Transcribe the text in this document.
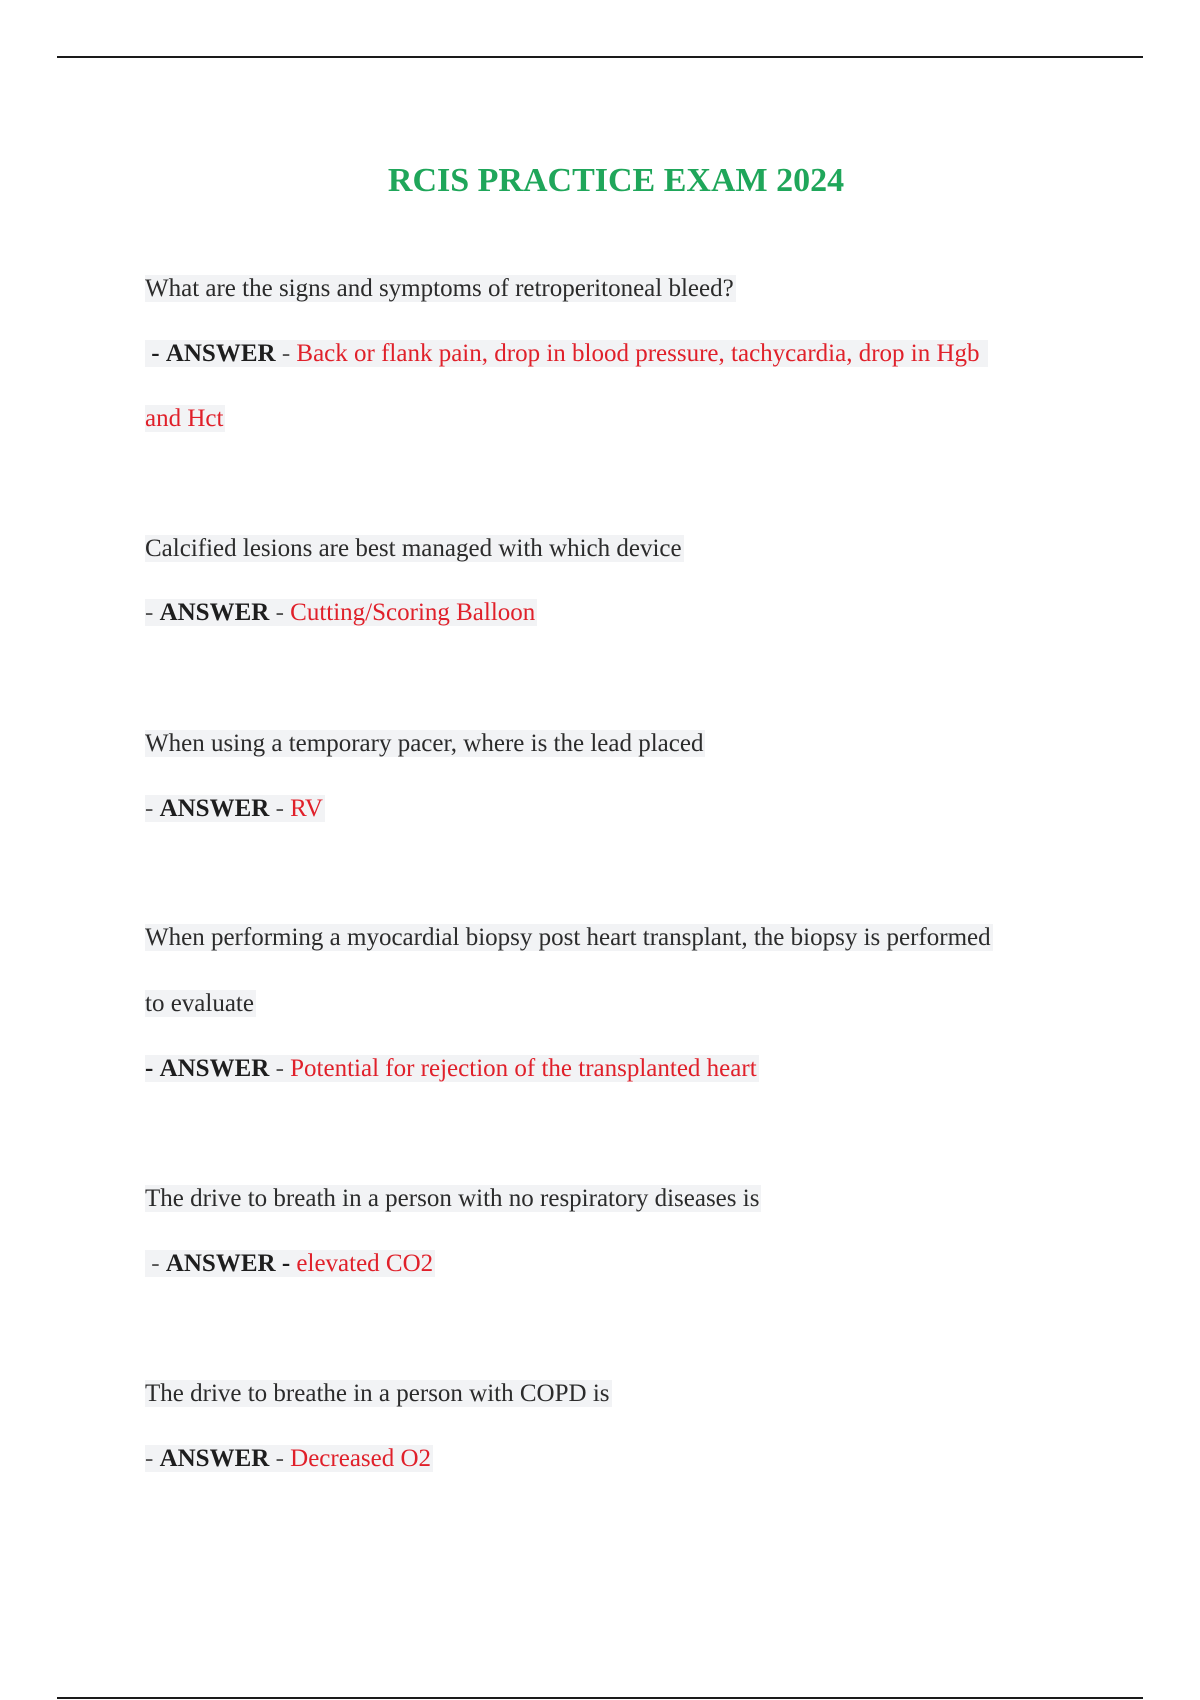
RCIS PRACTICE EXAM 2024
What are the signs and symptoms of retroperitoneal bleed?
- ANSWER - Back or flank pain, drop in blood pressure, tachycardia, drop in Hgb
and Hct
Calcified lesions are best managed with which device
- ANSWER - Cutting/Scoring Balloon
When using a temporary pacer, where is the lead placed
- ANSWER - RV
When performing a myocardial biopsy post heart transplant, the biopsy is performed
to evaluate
- ANSWER - Potential for rejection of the transplanted heart
The drive to breath in a person with no respiratory diseases is
- ANSWER - elevated CO2
The drive to breathe in a person with COPD is
- ANSWER - Decreased O2
